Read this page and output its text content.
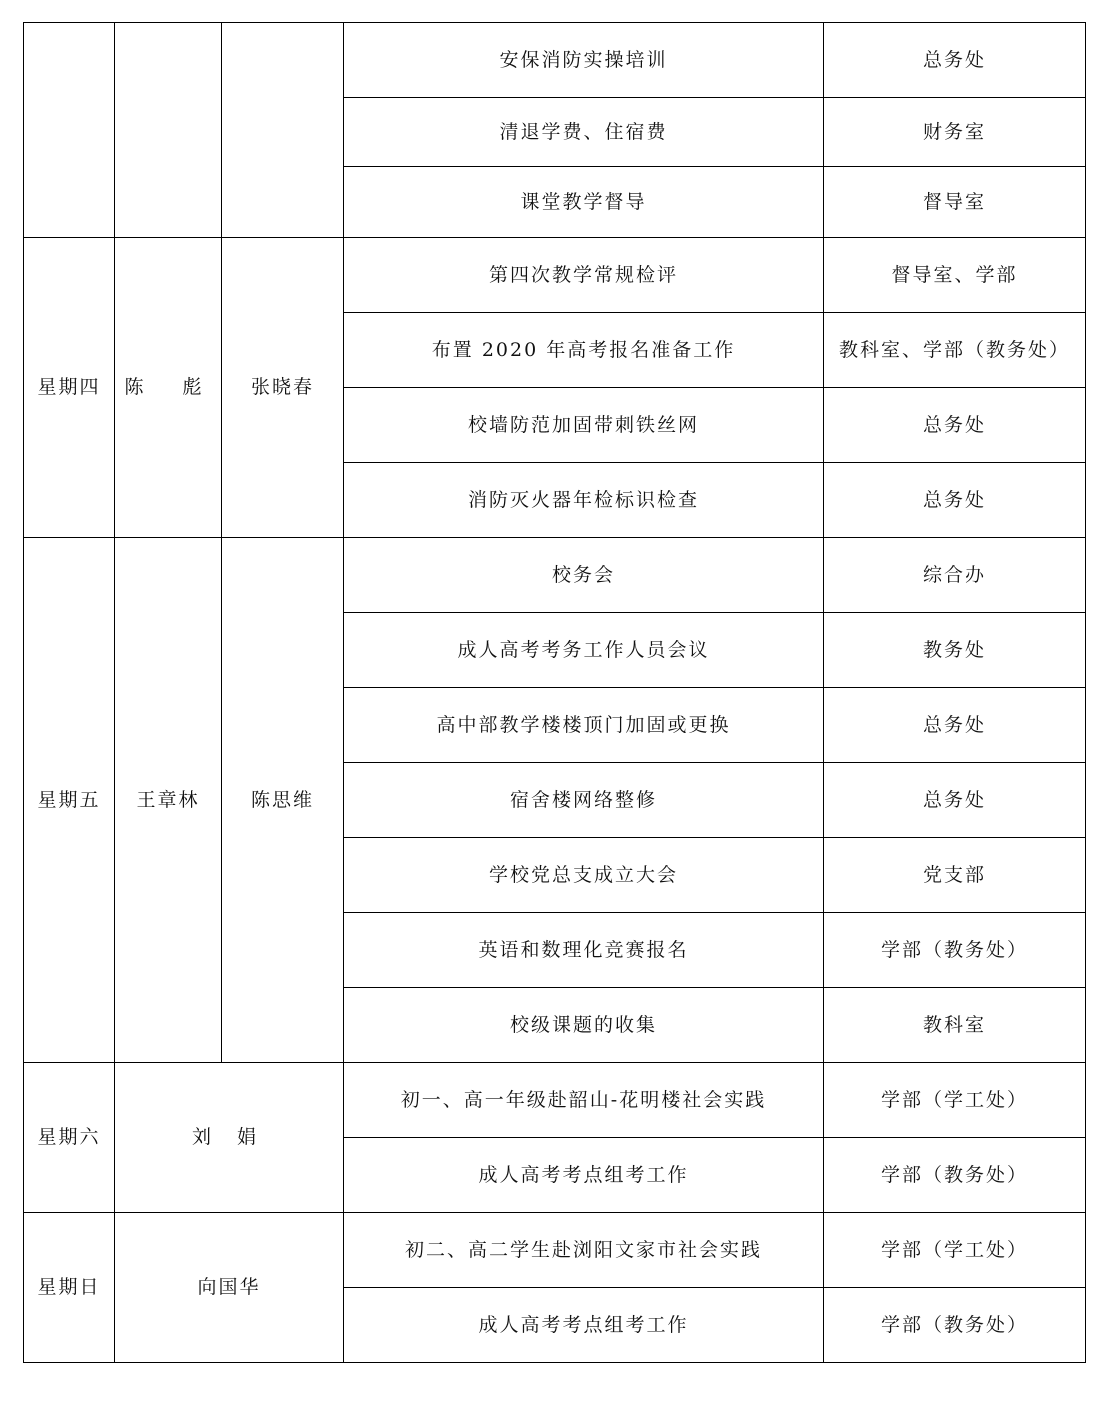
			安保消防实操培训	总务处
			清退学费、住宿费	财务室
			课堂教学督导	督导室
星期四	陈　彪	张晓春	第四次教学常规检评	督导室、学部
			布置 2020 年高考报名准备工作	教科室、学部（教务处）
			校墙防范加固带刺铁丝网	总务处
			消防灭火器年检标识检查	总务处
星期五	王章林	陈思维	校务会	综合办
			成人高考考务工作人员会议	教务处
			高中部教学楼楼顶门加固或更换	总务处
			宿舍楼网络整修	总务处
			学校党总支成立大会	党支部
			英语和数理化竞赛报名	学部（教务处）
			校级课题的收集	教科室
星期六	刘 娟		初一、高一年级赴韶山-花明楼社会实践	学部（学工处）
			成人高考考点组考工作	学部（教务处）
星期日	向国华		初二、高二学生赴浏阳文家市社会实践	学部（学工处）
			成人高考考点组考工作	学部（教务处）
